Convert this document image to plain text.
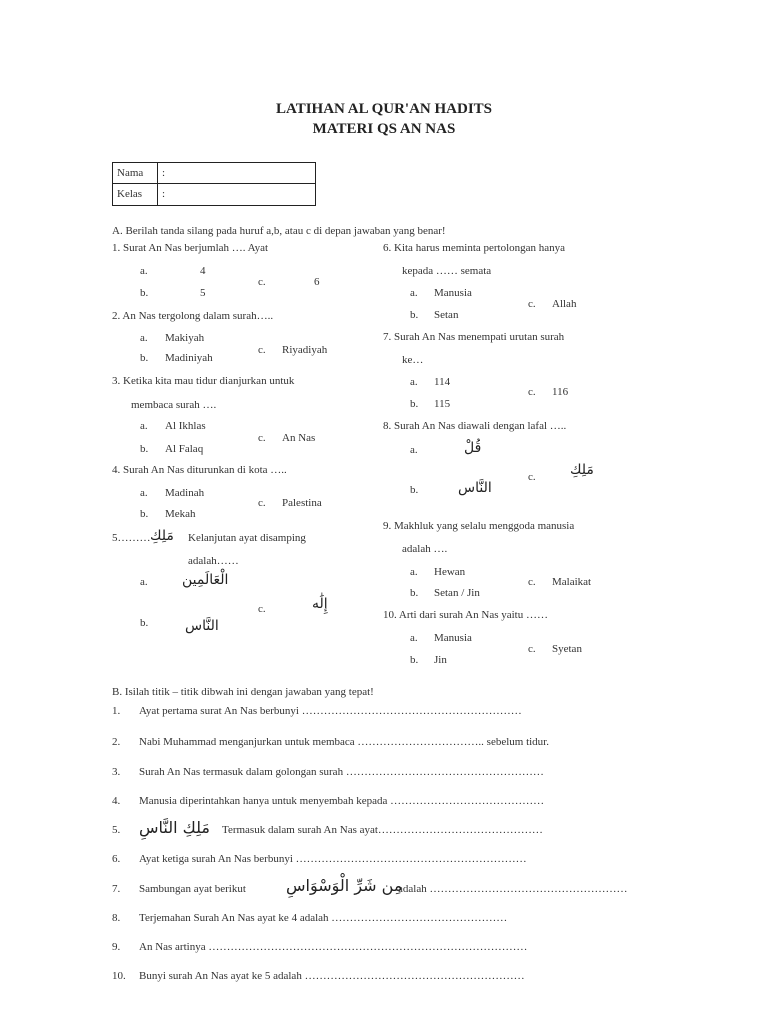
LATIHAN AL QUR'AN HADITS
MATERI QS AN NAS
Nama :
Kelas :
A. Berilah tanda silang pada huruf a,b, atau c di depan jawaban yang benar!
1. Surat An Nas berjumlah …. Ayat
a.	4
b.	5
c.	6
2. An Nas tergolong dalam surah…..
a. Makiyah
b. Madiniyah
c. Riyadiyah
3. Ketika kita mau tidur dianjurkan untuk
membaca surah ….
a. Al Ikhlas
b. Al Falaq
c. An Nas
4. Surah An Nas diturunkan di kota …..
a. Madinah
b. Mekah
c. Palestina
5……… مَلِكِ Kelanjutan ayat disamping
adalah……
a. الْعَالَمِين
b.	النَّاس
c.	إِلَٰه
6. Kita harus meminta pertolongan hanya
kepada …… semata
a. Manusia
b. Setan
c. Allah
7. Surah An Nas menempati urutan surah
ke…
a. 114
b. 115
c. 116
8. Surah An Nas diawali dengan lafal …..
a.	قُلْ
b.	النَّاس
c. مَلِكِ
9. Makhluk yang selalu menggoda manusia
adalah ….
a. Hewan
b. Setan / Jin
c. Malaikat
10. Arti dari surah An Nas yaitu ……
a. Manusia
b. Jin
c. Syetan
B. Isilah titik – titik dibwah ini dengan jawaban yang tepat!
1. Ayat pertama surat An Nas berbunyi ……………………………………………………
2. Nabi Muhammad menganjurkan untuk membaca …………………………….. sebelum tidur.
3. Surah An Nas termasuk dalam golongan surah ………………………………………………
4. Manusia diperintahkan hanya untuk menyembah kepada ……………………………………
5. مَلِكِ النَّاسِ Termasuk dalam surah An Nas ayat………………………………………
6. Ayat ketiga surah An Nas berbunyi ………………………………………………………
7. Sambungan ayat berikut	مِن شَرِّ الْوَسْوَاسِ
adalah ………………………………………………
8. Terjemahan Surah An Nas ayat ke 4 adalah …………………………………………
9. An Nas artinya ……………………………………………………………………………
10. Bunyi surah An Nas ayat ke 5 adalah ……………………………………………………
